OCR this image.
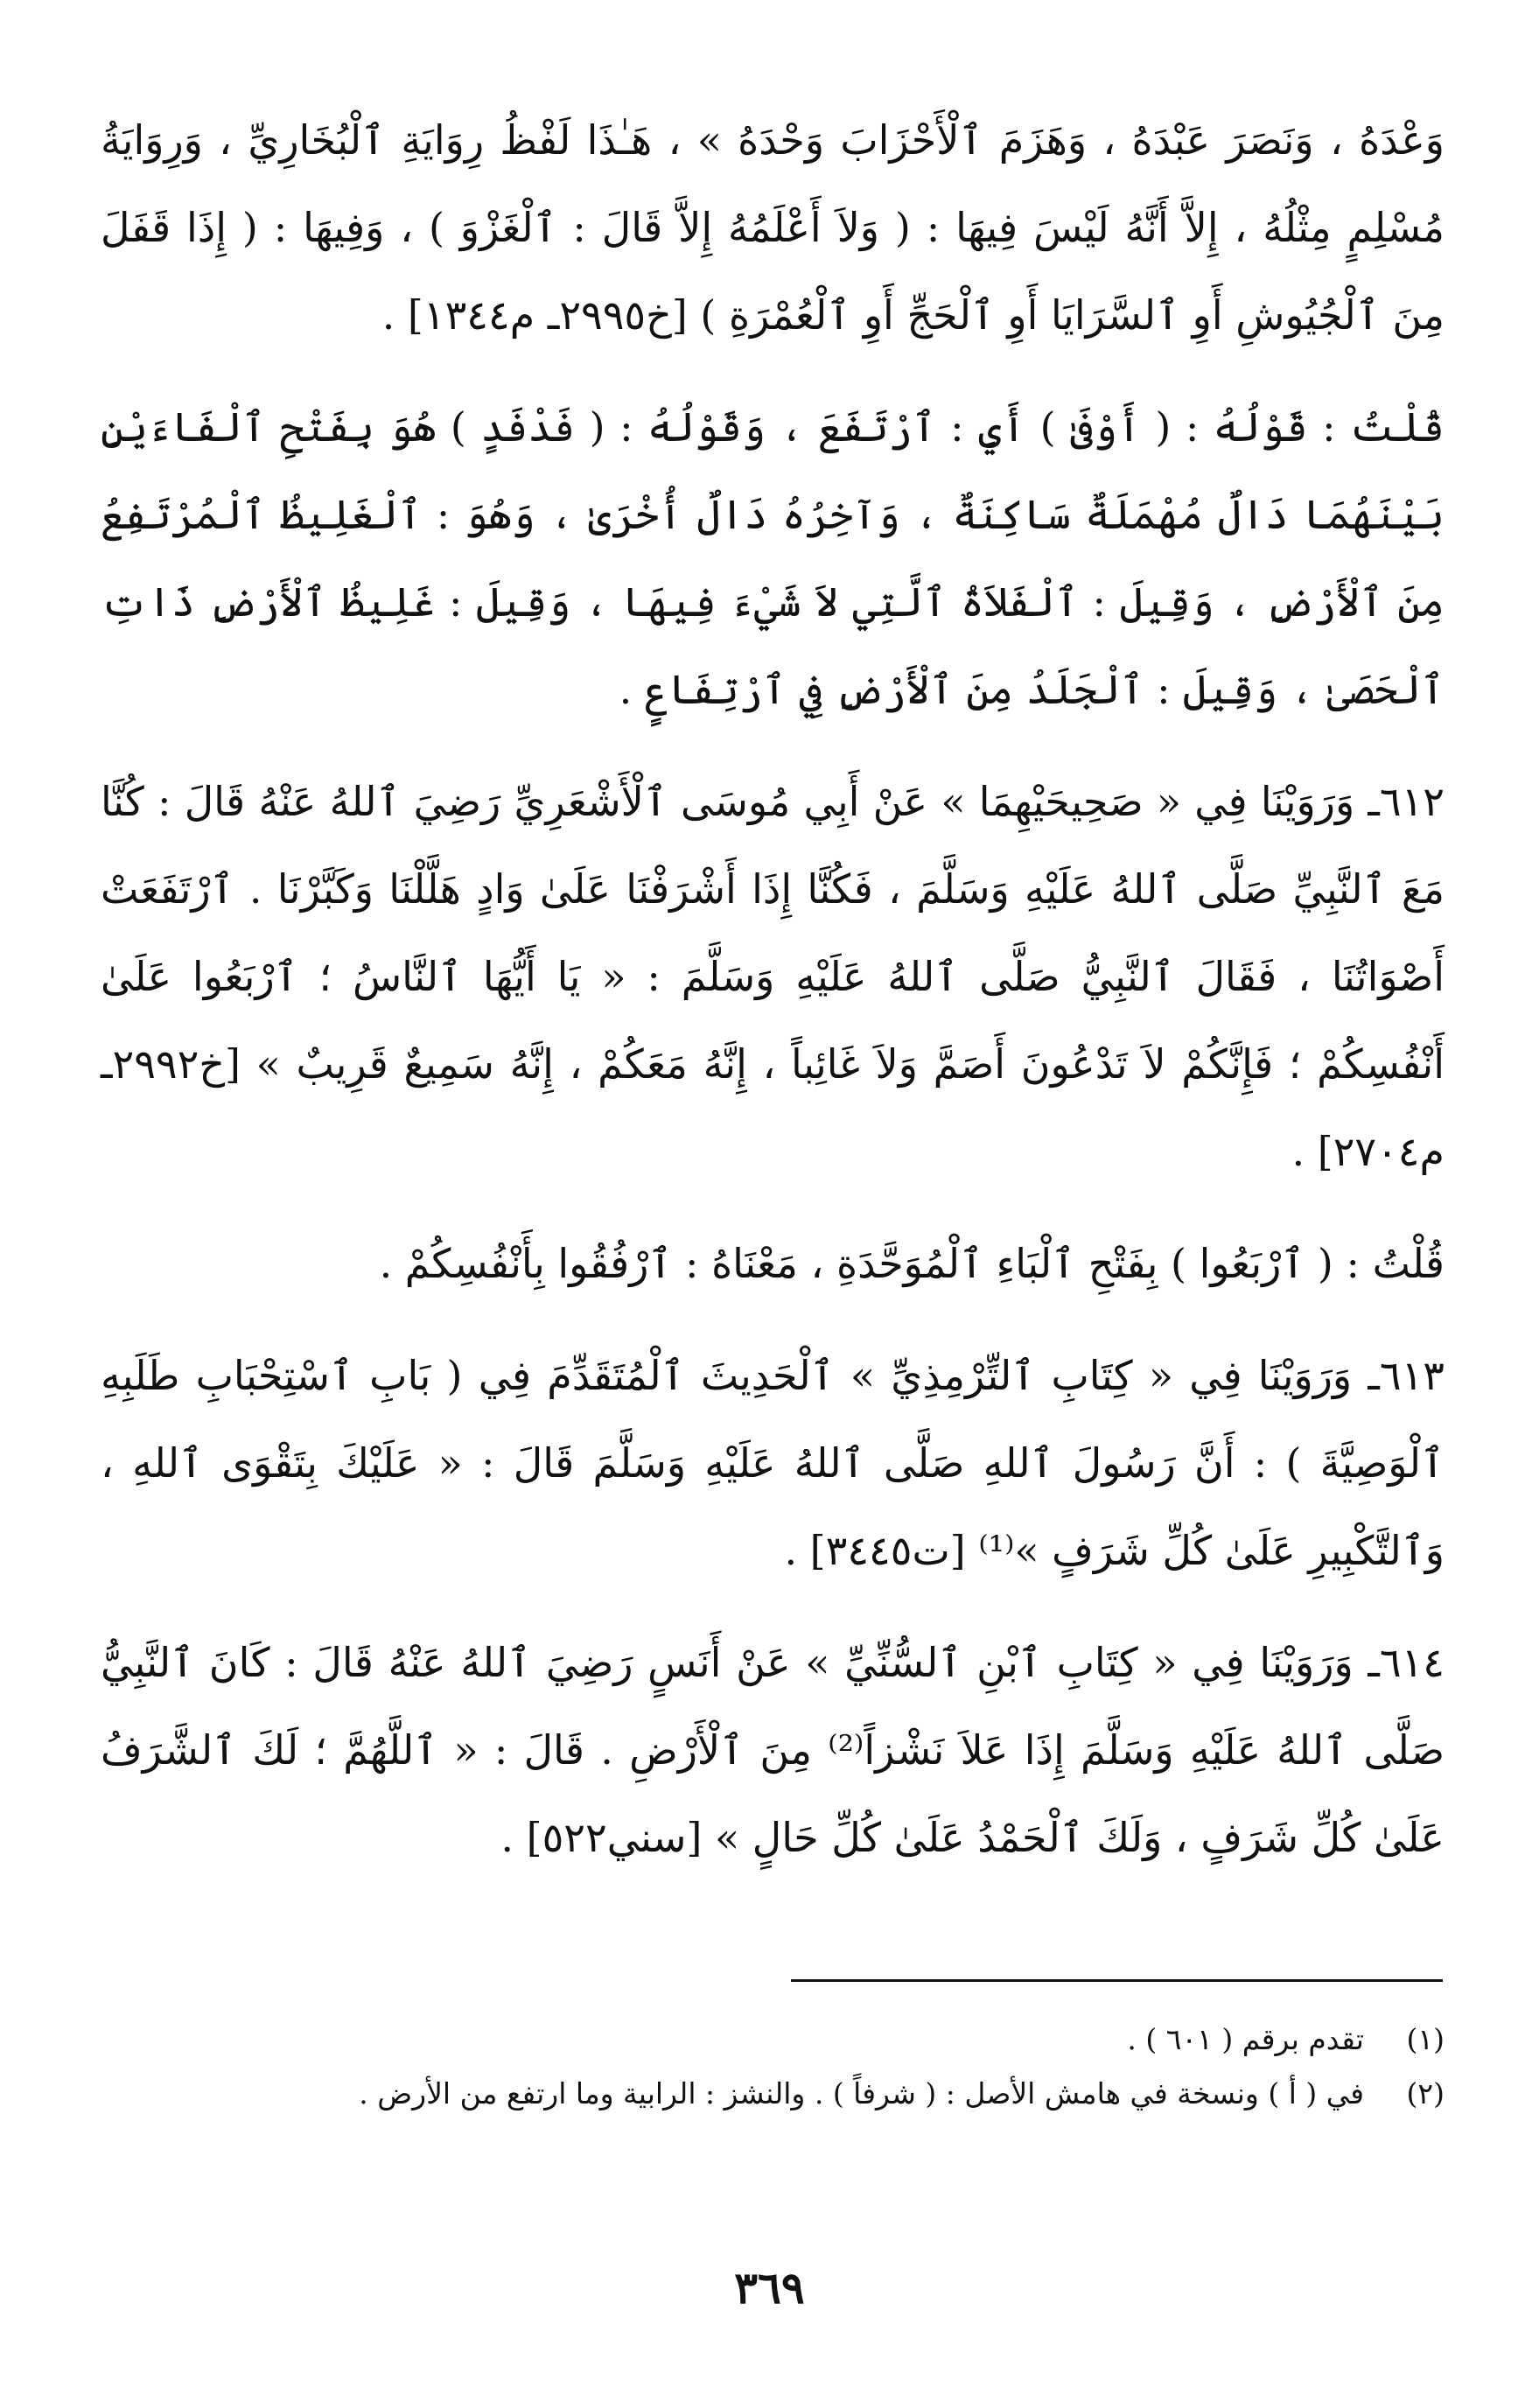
وَعْدَهُ ، وَنَصَرَ عَبْدَهُ ، وَهَزَمَ ٱلْأَحْزَابَ وَحْدَهُ » ، هَـٰذَا لَفْظُ رِوَايَةِ ٱلْبُخَارِيِّ ، وَرِوَايَةُ مُسْلِمٍ مِثْلُهُ ، إِلاَّ أَنَّهُ لَيْسَ فِيهَا : ( وَلاَ أَعْلَمُهُ إِلاَّ قَالَ : ٱلْغَزْوَ ) ، وَفِيهَا : ( إِذَا قَفَلَ مِنَ ٱلْجُيُوشِ أَوِ ٱلسَّرَايَا أَوِ ٱلْحَجِّ أَوِ ٱلْعُمْرَةِ ) [خ٢٩٩٥ـ م١٣٤٤] .

قُلْتُ : قَوْلُهُ : ( أَوْفَىٰ ) أَيِ : ٱرْتَفَعَ ، وَقَوْلُهُ : ( فَدْفَدٍ ) هُوَ بِفَتْحِ ٱلْفَاءَيْنِ بَيْنَهُمَا دَالٌ مُهْمَلَةٌ سَاكِنَةٌ ، وَآخِرُهُ دَالٌ أُخْرَىٰ ، وَهُوَ : ٱلْغَلِيظُ ٱلْمُرْتَفِعُ مِنَ ٱلْأَرْضِ ، وَقِيلَ : ٱلْفَلاَةُ ٱلَّتِي لاَ شَيْءَ فِيهَا ، وَقِيلَ : غَلِيظُ ٱلْأَرْضِ ذَاتِ ٱلْحَصَىٰ ، وَقِيلَ : ٱلْجَلَدُ مِنَ ٱلْأَرْضِ فِي ٱرْتِفَاعٍ .

٦١٢ـ وَرَوَيْنَا فِي « صَحِيحَيْهِمَا » عَنْ أَبِي مُوسَى ٱلْأَشْعَرِيِّ رَضِيَ ٱللهُ عَنْهُ قَالَ : كُنَّا مَعَ ٱلنَّبِيِّ صَلَّى ٱللهُ عَلَيْهِ وَسَلَّمَ ، فَكُنَّا إِذَا أَشْرَفْنَا عَلَىٰ وَادٍ هَلَّلْنَا وَكَبَّرْنَا . ٱرْتَفَعَتْ أَصْوَاتُنَا ، فَقَالَ ٱلنَّبِيُّ صَلَّى ٱللهُ عَلَيْهِ وَسَلَّمَ : « يَا أَيُّهَا ٱلنَّاسُ ؛ ٱرْبَعُوا عَلَىٰ أَنْفُسِكُمْ ؛ فَإِنَّكُمْ لاَ تَدْعُونَ أَصَمَّ وَلاَ غَائِباً ، إِنَّهُ مَعَكُمْ ، إِنَّهُ سَمِيعٌ قَرِيبٌ » [خ٢٩٩٢ـ م٢٧٠٤] .

قُلْتُ : ( ٱرْبَعُوا ) بِفَتْحِ ٱلْبَاءِ ٱلْمُوَحَّدَةِ ، مَعْنَاهُ : ٱرْفُقُوا بِأَنْفُسِكُمْ .

٦١٣ـ وَرَوَيْنَا فِي « كِتَابِ ٱلتِّرْمِذِيِّ » ٱلْحَدِيثَ ٱلْمُتَقَدِّمَ فِي ( بَابِ ٱسْتِحْبَابِ طَلَبِهِ ٱلْوَصِيَّةَ ) : أَنَّ رَسُولَ ٱللهِ صَلَّى ٱللهُ عَلَيْهِ وَسَلَّمَ قَالَ : « عَلَيْكَ بِتَقْوَى ٱللهِ ، وَٱلتَّكْبِيرِ عَلَىٰ كُلِّ شَرَفٍ »⁽¹⁾ [ت٣٤٤٥] .

٦١٤ـ وَرَوَيْنَا فِي « كِتَابِ ٱبْنِ ٱلسُّنِّيِّ » عَنْ أَنَسٍ رَضِيَ ٱللهُ عَنْهُ قَالَ : كَانَ ٱلنَّبِيُّ صَلَّى ٱللهُ عَلَيْهِ وَسَلَّمَ إِذَا عَلاَ نَشْزاً⁽²⁾ مِنَ ٱلْأَرْضِ . قَالَ : « ٱللَّهُمَّ ؛ لَكَ ٱلشَّرَفُ عَلَىٰ كُلِّ شَرَفٍ ، وَلَكَ ٱلْحَمْدُ عَلَىٰ كُلِّ حَالٍ » [سني٥٢٢] .

(١)تقدم برقم ( ٦٠١ ) .
(٢)في ( أ ) ونسخة في هامش الأصل : ( شرفاً ) . والنشز : الرابية وما ارتفع من الأرض .
٣٦٩
